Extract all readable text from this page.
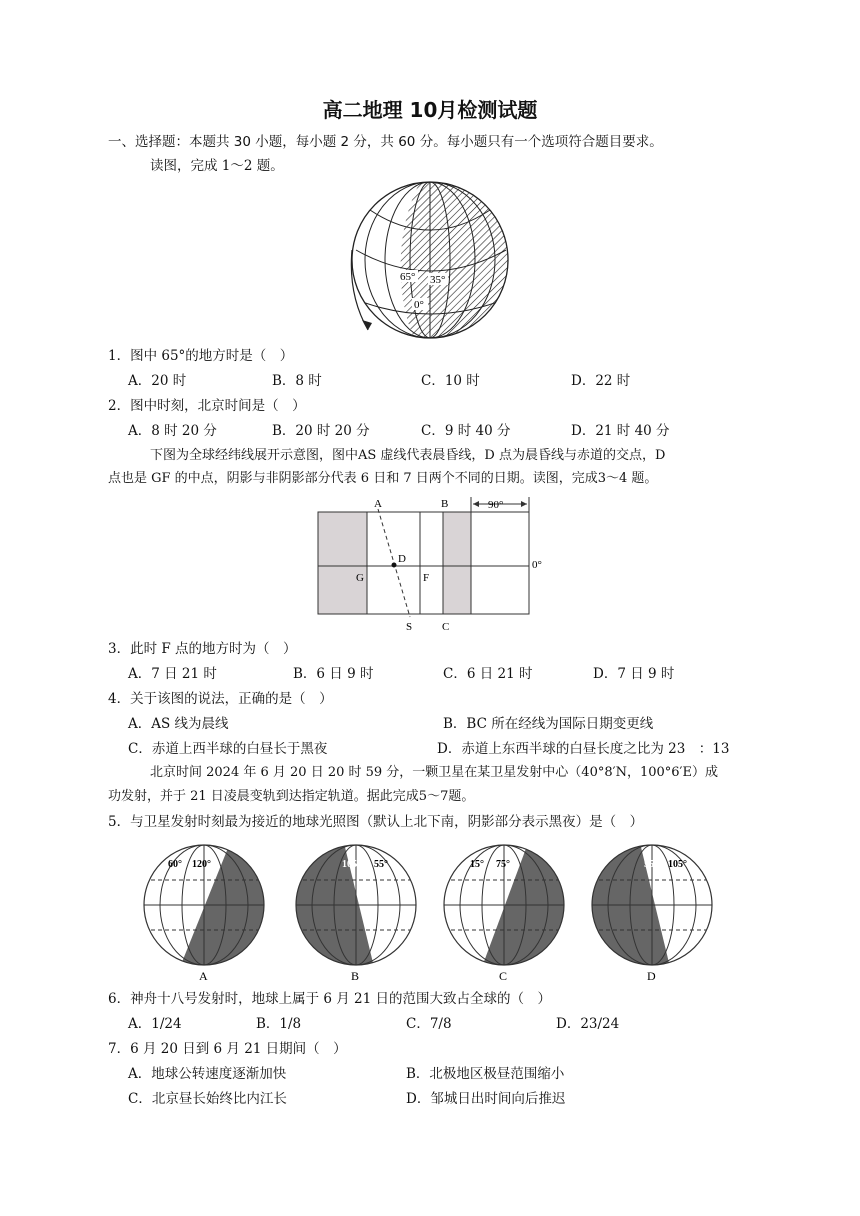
高二地理 10月检测试题
一、选择题：本题共 30 小题，每小题 2 分，共 60 分。每小题只有一个选项符合题目要求。
读图，完成 1～2 题。
65° 35°
0°
1．图中 65°的地方时是（　）
A．20 时	B．8 时	C．10 时	D．22 时
2．图中时刻，北京时间是（　）
A．8 时 20 分	B．20 时 20 分	C．9 时 40 分	D．21 时 40 分
下图为全球经纬线展开示意图，图中AS 虚线代表晨昏线，D 点为晨昏线与赤道的交点，D
点也是 GF 的中点，阴影与非阴影部分代表 6 日和 7 日两个不同的日期。读图，完成3～4 题。
A	B	90°
D
G	F
0°
S	C
3．此时 F 点的地方时为（　）
A．7 日 21 时	B．6 日 9 时	C．6 日 21 时	D．7 日 9 时
4．关于该图的说法，正确的是（　）
A．AS 线为晨线	B．BC 所在经线为国际日期变更线
C．赤道上西半球的白昼长于黑夜	D．赤道上东西半球的白昼长度之比为 23　：13
北京时间 2024 年 6 月 20 日 20 时 59 分，一颗卫星在某卫星发射中心（40°8′N，100°6′E）成
功发射，并于 21 日凌晨变轨到达指定轨道。据此完成5～7题。
5．与卫星发射时刻最为接近的地球光照图（默认上北下南，阴影部分表示黑夜）是（　）
60° 120°
A
105° 55°
B
15° 75°
C
55° 105°
D
6．神舟十八号发射时，地球上属于 6 月 21 日的范围大致占全球的（　）
A．1/24	B．1/8	C．7/8	D．23/24
7．6 月 20 日到 6 月 21 日期间（　）
A．地球公转速度逐渐加快	B．北极地区极昼范围缩小
C．北京昼长始终比内江长	D．邹城日出时间向后推迟
